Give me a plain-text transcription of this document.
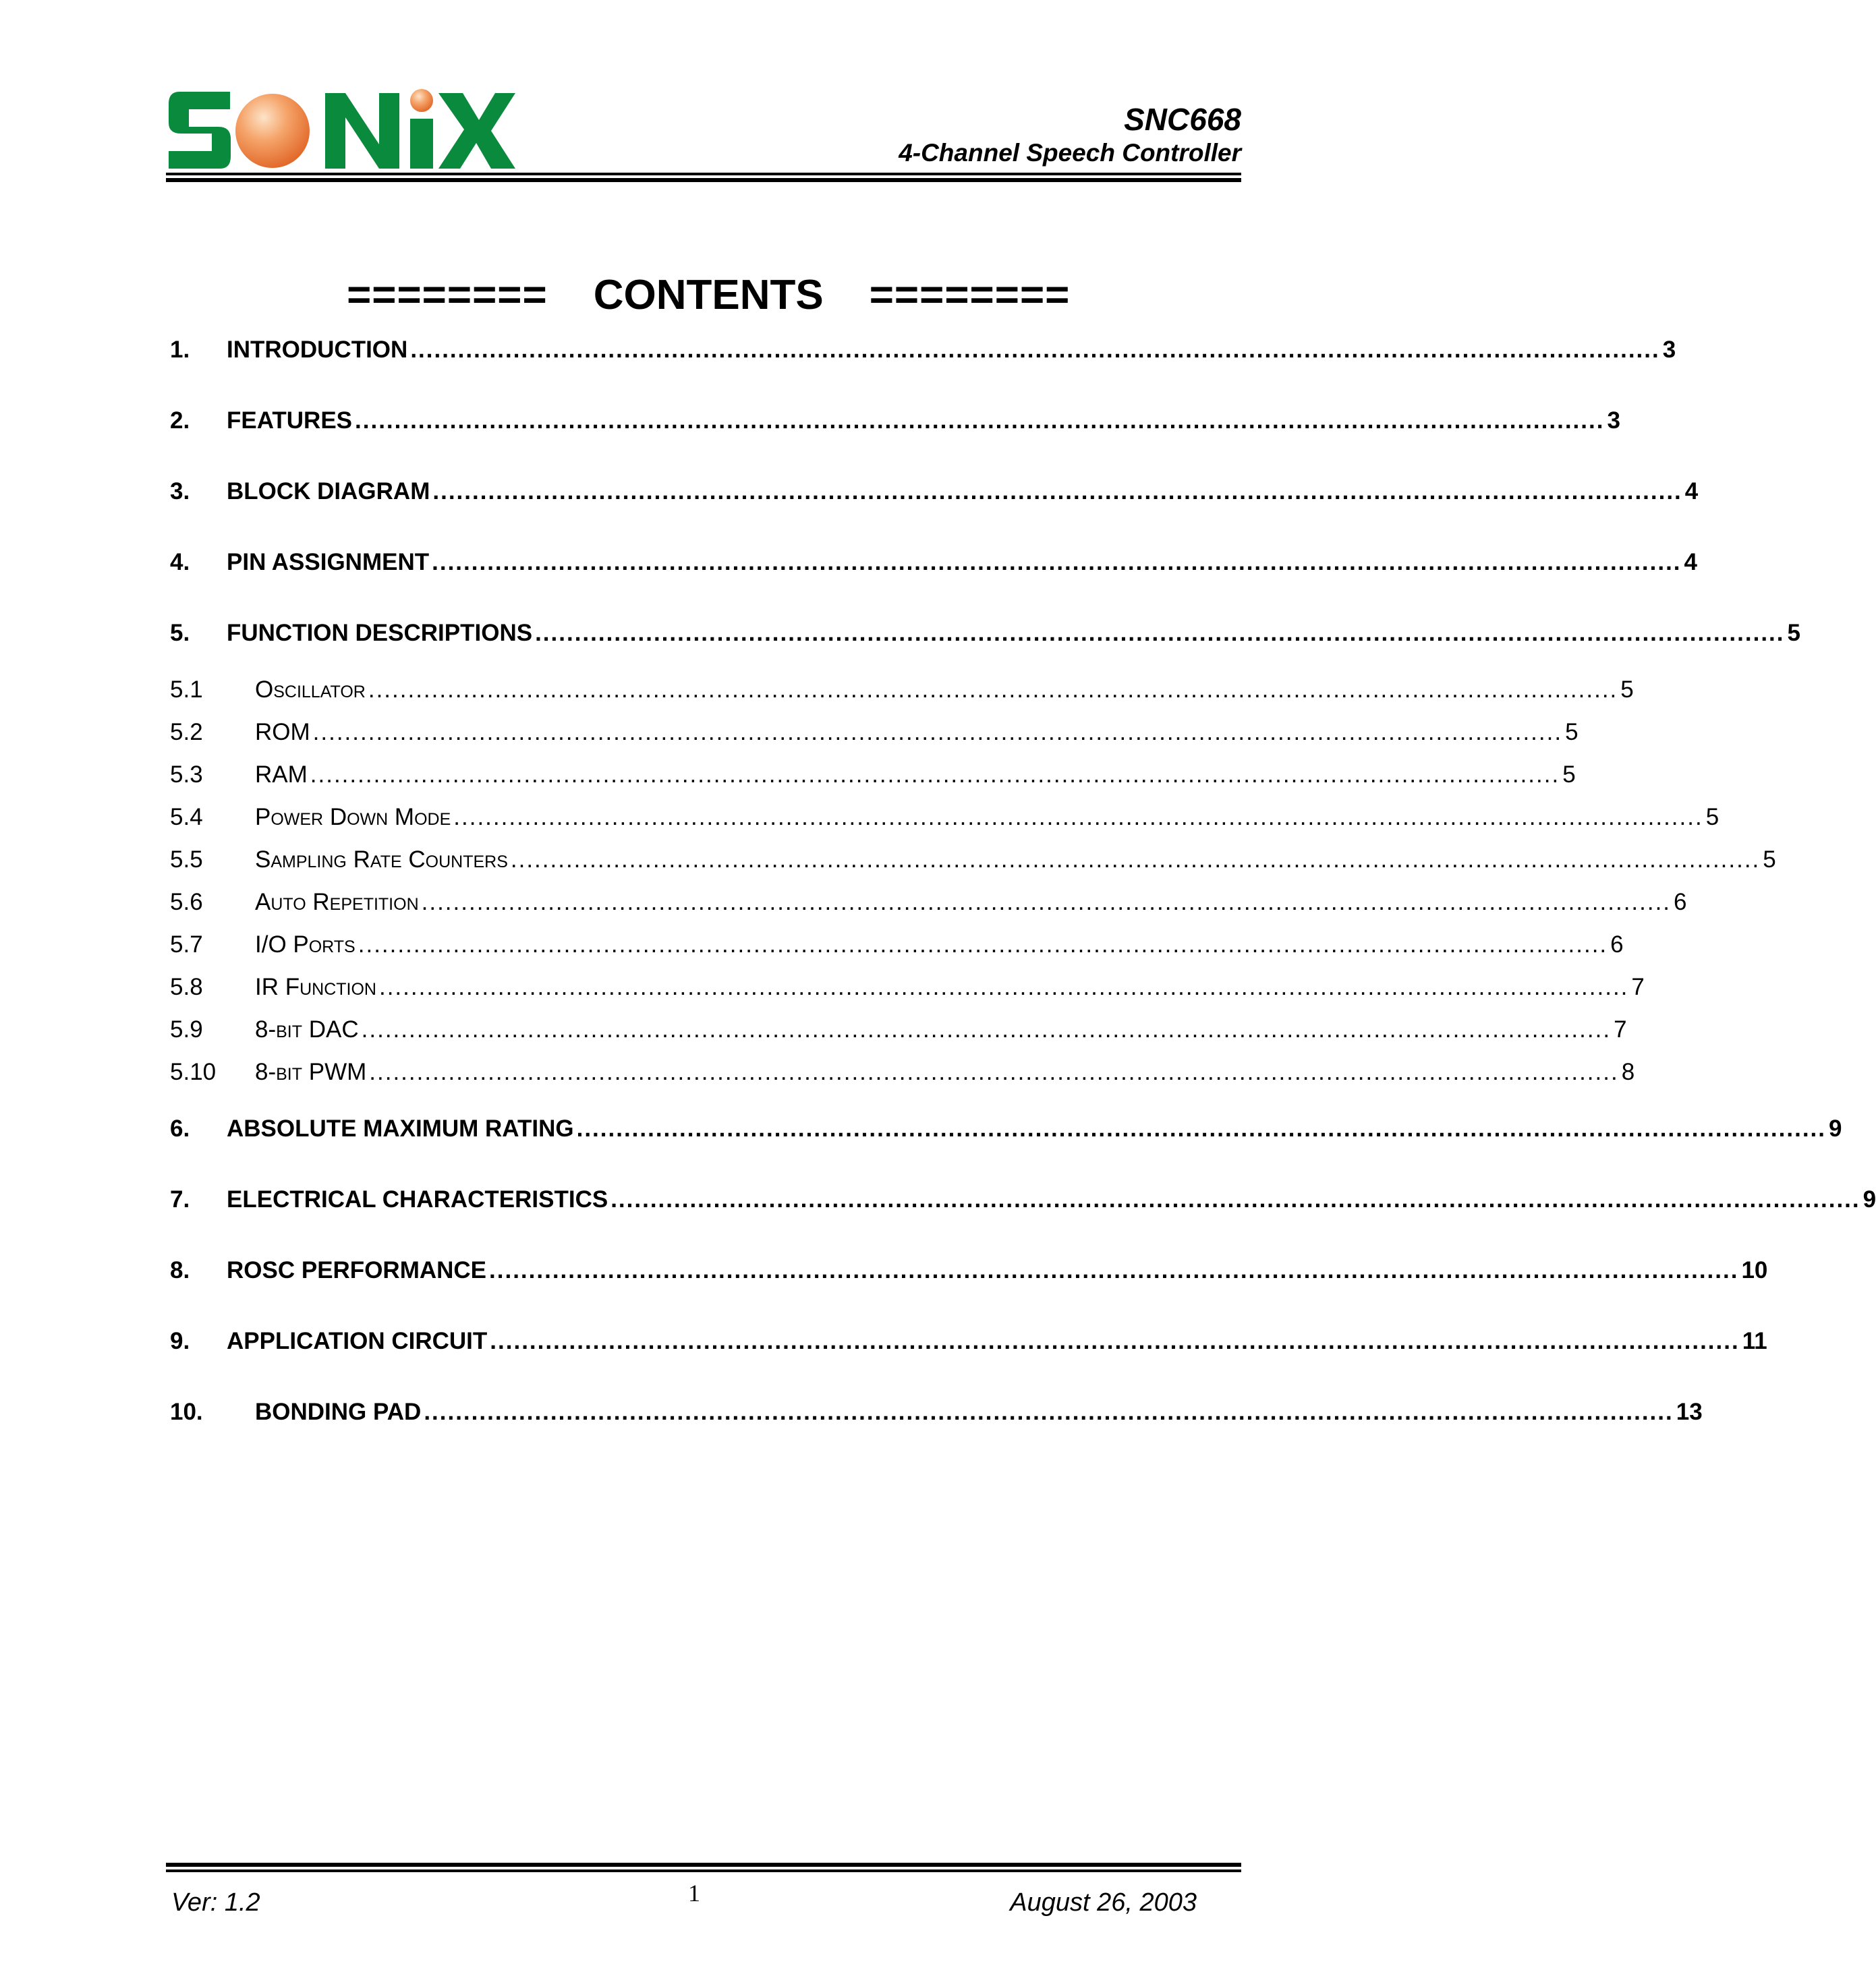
SNC668
4-Channel Speech Controller

======== CONTENTS ========

1.	INTRODUCTION .............................................................................................................................................................. 3
2.	FEATURES .............................................................................................................................................................. 3
3.	BLOCK DIAGRAM .............................................................................................................................................................. 4
4.	PIN ASSIGNMENT .............................................................................................................................................................. 4
5.	FUNCTION DESCRIPTIONS .............................................................................................................................................................. 5
5.1	Oscillator .............................................................................................................................................................. 5
5.2	ROM .............................................................................................................................................................. 5
5.3	RAM .............................................................................................................................................................. 5
5.4	Power Down Mode .............................................................................................................................................................. 5
5.5	Sampling Rate Counters .............................................................................................................................................................. 5
5.6	Auto Repetition .............................................................................................................................................................. 6
5.7	I/O Ports .............................................................................................................................................................. 6
5.8	IR Function .............................................................................................................................................................. 7
5.9	8-bit DAC .............................................................................................................................................................. 7
5.10	8-bit PWM .............................................................................................................................................................. 8
6.	ABSOLUTE MAXIMUM RATING .............................................................................................................................................................. 9
7.	ELECTRICAL CHARACTERISTICS .............................................................................................................................................................. 9
8.	ROSC PERFORMANCE .............................................................................................................................................................. 10
9.	APPLICATION CIRCUIT .............................................................................................................................................................. 11
10.	BONDING PAD .............................................................................................................................................................. 13
Ver: 1.2	1	August 26, 2003
